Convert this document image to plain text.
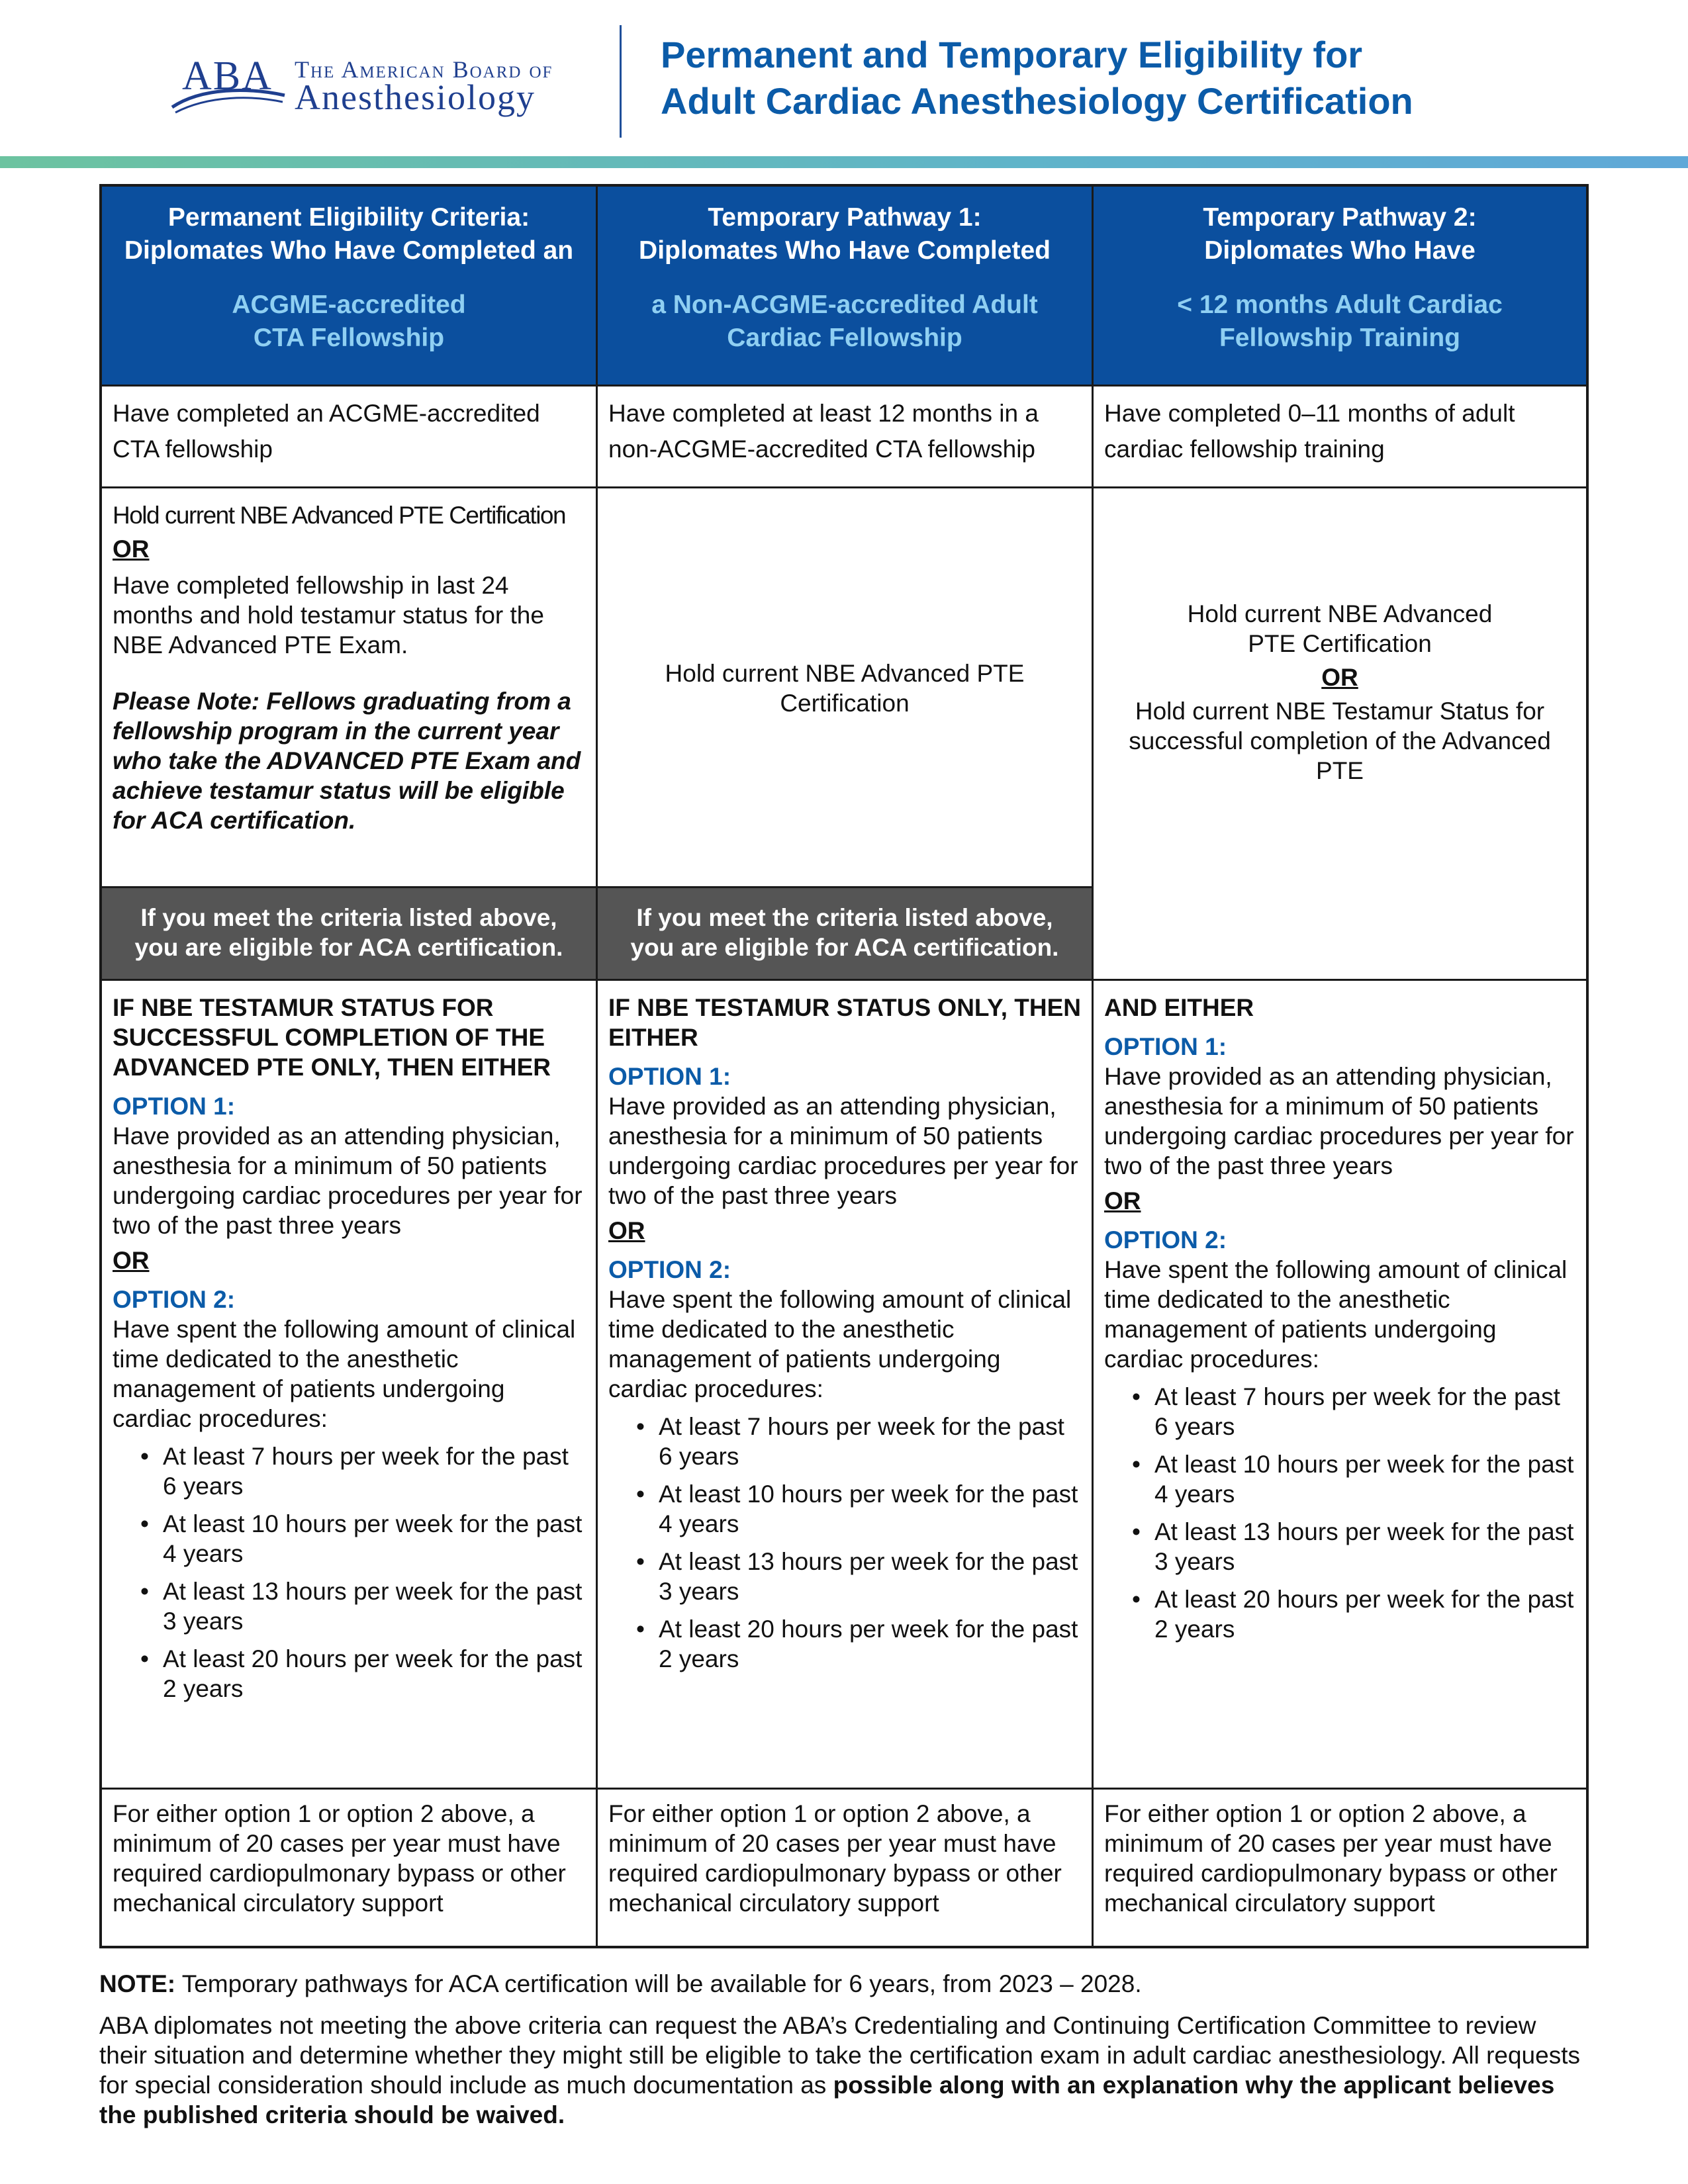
ABA The American Board of
Anesthesiology
Permanent and Temporary Eligibility for
Adult Cardiac Anesthesiology Certification
Permanent Eligibility Criteria:
Diplomates Who Have Completed an
ACGME-accredited
CTA Fellowship
Temporary Pathway 1:
Diplomates Who Have Completed
a Non-ACGME-accredited Adult
Cardiac Fellowship
Temporary Pathway 2:
Diplomates Who Have
< 12 months Adult Cardiac
Fellowship Training
Have completed an ACGME-accredited CTA fellowship
Have completed at least 12 months in a non-ACGME-accredited CTA fellowship
Have completed 0–11 months of adult cardiac fellowship training
Hold current NBE Advanced PTE Certification
OR
Have completed fellowship in last 24 months and hold testamur status for the NBE Advanced PTE Exam.
Please Note: Fellows graduating from a fellowship program in the current year who take the ADVANCED PTE Exam and achieve testamur status will be eligible for ACA certification.
If you meet the criteria listed above,
you are eligible for ACA certification.
Hold current NBE Advanced PTE Certification
If you meet the criteria listed above,
you are eligible for ACA certification.
Hold current NBE Advanced PTE Certification
OR
Hold current NBE Testamur Status for successful completion of the Advanced PTE
IF NBE TESTAMUR STATUS FOR SUCCESSFUL COMPLETION OF THE ADVANCED PTE ONLY, THEN EITHER
OPTION 1:
Have provided as an attending physician, anesthesia for a minimum of 50 patients undergoing cardiac procedures per year for two of the past three years
OR
OPTION 2:
Have spent the following amount of clinical time dedicated to the anesthetic management of patients undergoing cardiac procedures:
• At least 7 hours per week for the past 6 years
• At least 10 hours per week for the past 4 years
• At least 13 hours per week for the past 3 years
• At least 20 hours per week for the past 2 years
IF NBE TESTAMUR STATUS ONLY, THEN EITHER
OPTION 1:
Have provided as an attending physician, anesthesia for a minimum of 50 patients undergoing cardiac procedures per year for two of the past three years
OR
OPTION 2:
Have spent the following amount of clinical time dedicated to the anesthetic management of patients undergoing cardiac procedures:
• At least 7 hours per week for the past 6 years
• At least 10 hours per week for the past 4 years
• At least 13 hours per week for the past 3 years
• At least 20 hours per week for the past 2 years
AND EITHER
OPTION 1:
Have provided as an attending physician, anesthesia for a minimum of 50 patients undergoing cardiac procedures per year for two of the past three years
OR
OPTION 2:
Have spent the following amount of clinical time dedicated to the anesthetic management of patients undergoing cardiac procedures:
• At least 7 hours per week for the past 6 years
• At least 10 hours per week for the past 4 years
• At least 13 hours per week for the past 3 years
• At least 20 hours per week for the past 2 years
For either option 1 or option 2 above, a minimum of 20 cases per year must have required cardiopulmonary bypass or other mechanical circulatory support
For either option 1 or option 2 above, a minimum of 20 cases per year must have required cardiopulmonary bypass or other mechanical circulatory support
For either option 1 or option 2 above, a minimum of 20 cases per year must have required cardiopulmonary bypass or other mechanical circulatory support

NOTE: Temporary pathways for ACA certification will be available for 6 years, from 2023 – 2028.

ABA diplomates not meeting the above criteria can request the ABA’s Credentialing and Continuing Certification Committee to review their situation and determine whether they might still be eligible to take the certification exam in adult cardiac anesthesiology. All requests for special consideration should include as much documentation as possible along with an explanation why the applicant believes the published criteria should be waived.
